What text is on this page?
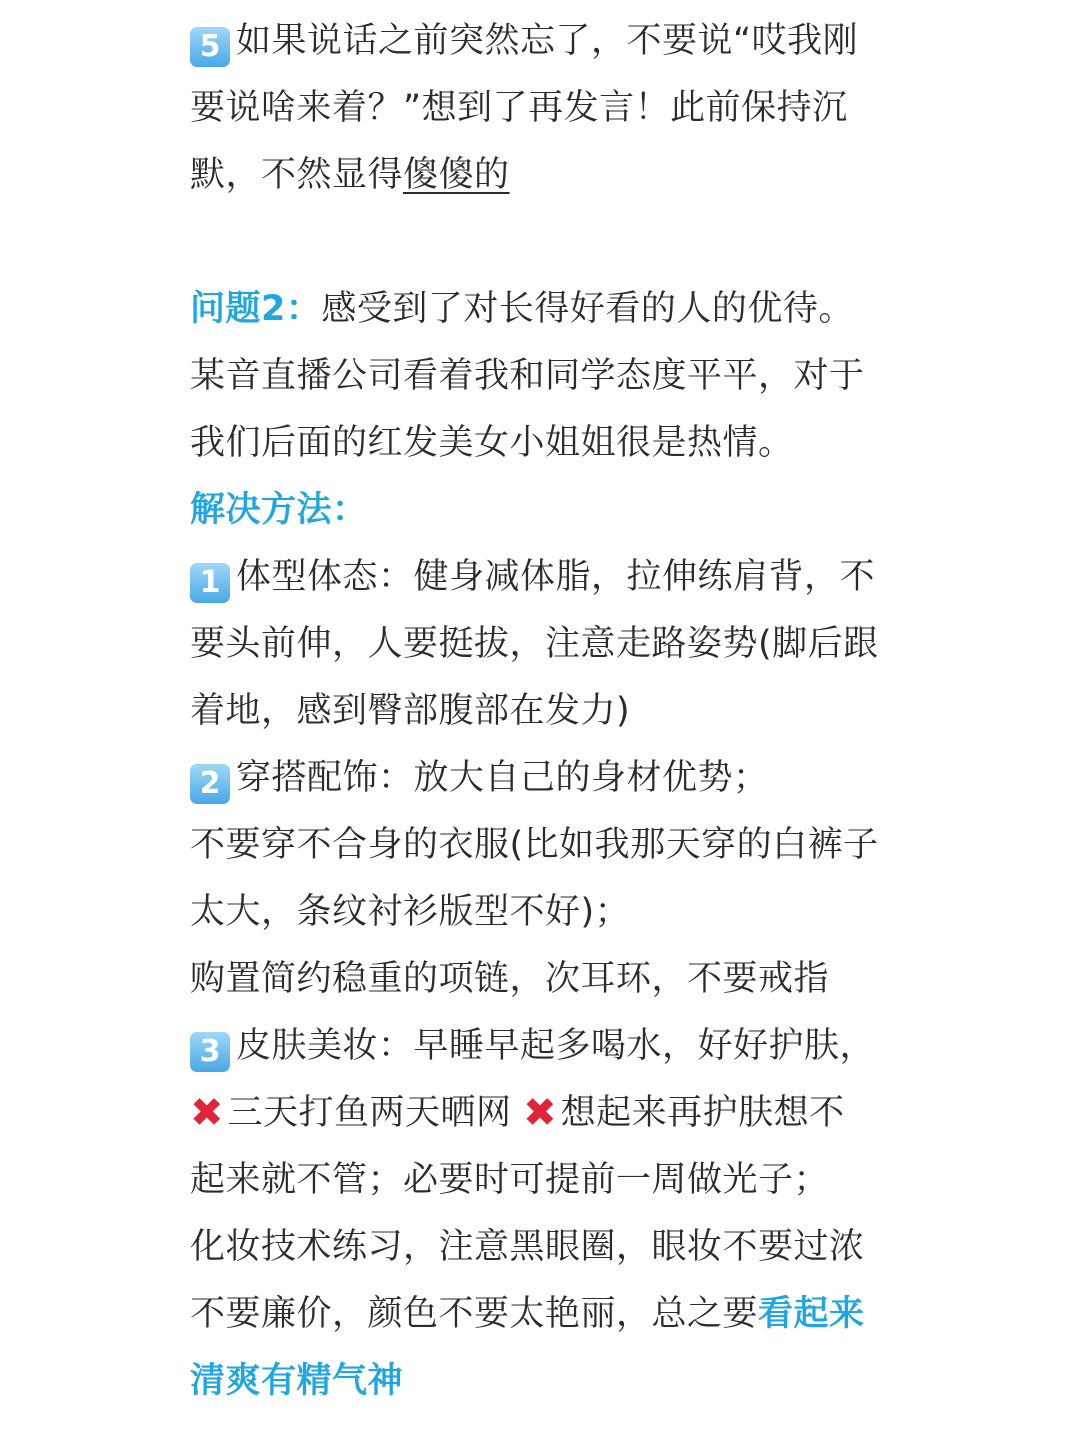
5 如果说话之前突然忘了，不要说“哎我刚
要说啥来着？”想到了再发言！此前保持沉
默，不然显得傻傻的
问题2：感受到了对长得好看的人的优待。
某音直播公司看着我和同学态度平平，对于
我们后面的红发美女小姐姐很是热情。
解决方法：
1 体型体态：健身减体脂，拉伸练肩背，不
要头前伸，人要挺拔，注意走路姿势(脚后跟
着地，感到臀部腹部在发力)
2 穿搭配饰：放大自己的身材优势；
不要穿不合身的衣服(比如我那天穿的白裤子
太大，条纹衬衫版型不好)；
购置简约稳重的项链，次耳环，不要戒指
3 皮肤美妆：早睡早起多喝水，好好护肤，
✖ 三天打鱼两天晒网 ✖ 想起来再护肤想不
起来就不管；必要时可提前一周做光子；
化妆技术练习，注意黑眼圈，眼妆不要过浓
不要廉价，颜色不要太艳丽，总之要看起来
清爽有精气神
